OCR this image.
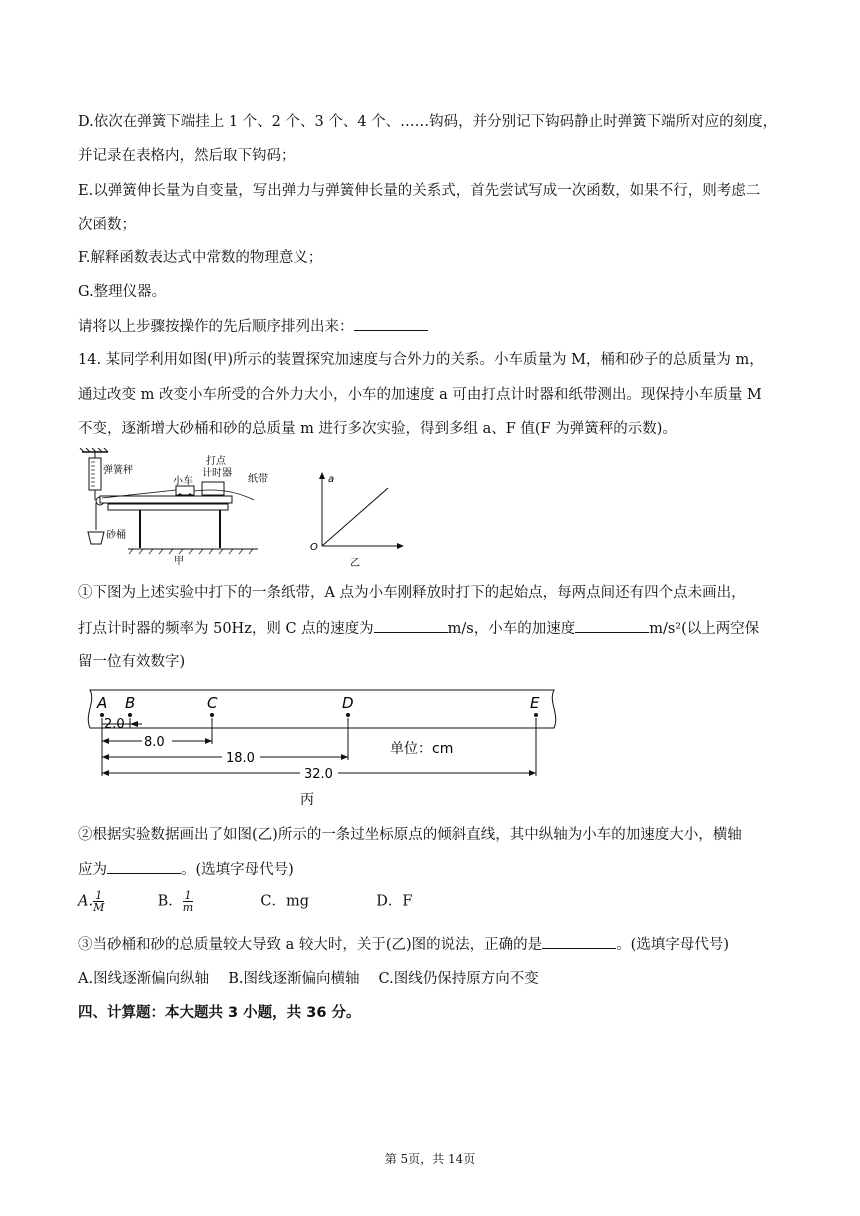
D.依次在弹簧下端挂上 1 个、2 个、3 个、4 个、……钩码，并分别记下钩码静止时弹簧下端所对应的刻度，
并记录在表格内，然后取下钩码；
E.以弹簧伸长量为自变量，写出弹力与弹簧伸长量的关系式，首先尝试写成一次函数，如果不行，则考虑二
次函数；
F.解释函数表达式中常数的物理意义；
G.整理仪器。
请将以上步骤按操作的先后顺序排列出来：
14. 某同学利用如图(甲)所示的装置探究加速度与合外力的关系。小车质量为 M，桶和砂子的总质量为 m，
通过改变 m 改变小车所受的合外力大小，小车的加速度 a 可由打点计时器和纸带测出。现保持小车质量 M
不变，逐渐增大砂桶和砂的总质量 m 进行多次实验，得到多组 a、F 值(F 为弹簧秤的示数)。
弹簧秤
小车
打点
计时器
纸带
砂桶
甲
a
O
乙
①下图为上述实验中打下的一条纸带，A 点为小车刚释放时打下的起始点，每两点间还有四个点未画出，
打点计时器的频率为 50Hz，则 C 点的速度为	m/s，小车的加速度	m/s²(以上两空保
留一位有效数字)
A B	C	D	E
2.0
8.0
18.0
32.0
单位：cm
丙
②根据实验数据画出了如图(乙)所示的一条过坐标原点的倾斜直线，其中纵轴为小车的加速度大小，横轴
应为	。(选填字母代号)
A. $\frac{1}{M}$	B． $\frac{1}{m}$	C．mg	D．F
③当砂桶和砂的总质量较大导致 a 较大时，关于(乙)图的说法，正确的是	。(选填字母代号)
A.图线逐渐偏向纵轴　 B.图线逐渐偏向横轴　 C.图线仍保持原方向不变
四、计算题：本大题共 3 小题，共 36 分。
第 5页，共 14页
